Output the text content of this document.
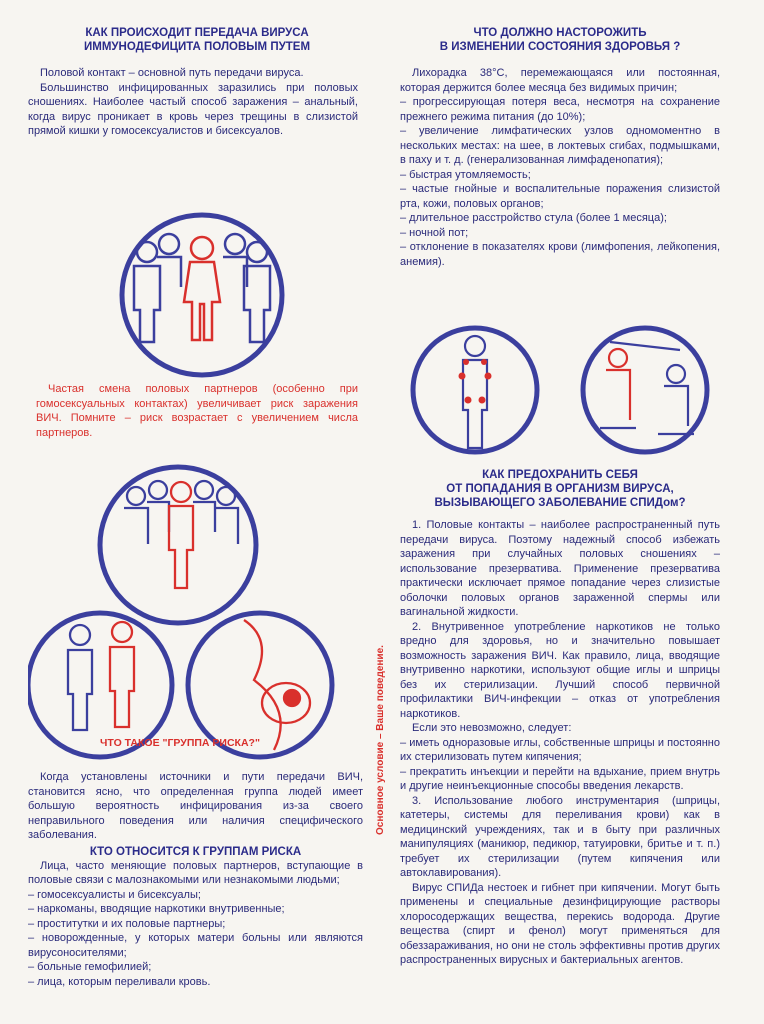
КАК ПРОИСХОДИТ ПЕРЕДАЧА ВИРУСА

ИММУНОДЕФИЦИТА ПОЛОВЫМ ПУТЕМ

Половой контакт – основной путь передачи вируса.

Большинство инфицированных заразились при половых сношениях. Наиболее частый способ заражения – анальный, когда вирус проникает в кровь через трещины в слизистой прямой кишки у гомосексуалистов и бисексуалов.

Частая смена половых партнеров (особенно при гомосексуальных контактах) увеличивает риск заражения ВИЧ. Помните – риск возрастает с увеличением числа партнеров.

ЧТО ТАКОЕ "ГРУППА РИСКА?"

Когда установлены источники и пути передачи ВИЧ, становится ясно, что определенная группа людей имеет большую вероятность инфицирования из-за своего неправильного поведения или наличия специфического заболевания.

КТО ОТНОСИТСЯ К ГРУППАМ РИСКА

Лица, часто меняющие половых партнеров, вступающие в половые связи с малознакомыми или незнакомыми людьми;

– гомосексуалисты и бисексуалы;
– наркоманы, вводящие наркотики внутривенные;
– проститутки и их половые партнеры;
– новорожденные, у которых матери больны или являются вирусоносителями;
– больные гемофилией;
– лица, которым переливали кровь.
Основное условие – Ваше поведение.

ЧТО ДОЛЖНО НАСТОРОЖИТЬ

В ИЗМЕНЕНИИ СОСТОЯНИЯ ЗДОРОВЬЯ ?

Лихорадка 38°С, перемежающаяся или постоянная, которая держится более месяца без видимых причин;

– прогрессирующая потеря веса, несмотря на сохранение прежнего режима питания (до 10%);
– увеличение лимфатических узлов одномоментно в нескольких местах: на шее, в локтевых сгибах, подмышками, в паху и т. д. (генерализованная лимфаденопатия);
– быстрая утомляемость;
– частые гнойные и воспалительные поражения слизистой рта, кожи, половых органов;
– длительное расстройство стула (более 1 месяца);
– ночной пот;
– отклонение в показателях крови (лимфопения, лейкопения, анемия).

КАК ПРЕДОХРАНИТЬ СЕБЯ

ОТ ПОПАДАНИЯ В ОРГАНИЗМ ВИРУСА,

ВЫЗЫВАЮЩЕГО ЗАБОЛЕВАНИЕ СПИДом?

1. Половые контакты – наиболее распространенный путь передачи вируса. Поэтому надежный способ избежать заражения при случайных половых сношениях – использование презерватива. Применение презерватива практически исключает прямое попадание через слизистые оболочки половых органов зараженной спермы или вагинальной жидкости.

2. Внутривенное употребление наркотиков не только вредно для здоровья, но и значительно повышает возможность заражения ВИЧ. Как правило, лица, вводящие внутривенно наркотики, используют общие иглы и шприцы без их стерилизации. Лучший способ первичной профилактики ВИЧ-инфекции – отказ от употребления наркотиков.

Если это невозможно, следует:

– иметь одноразовые иглы, собственные шприцы и постоянно их стерилизовать путем кипячения;
– прекратить инъекции и перейти на вдыхание, прием внутрь и другие неинъекционные способы введения лекарств.

3. Использование любого инструментария (шприцы, катетеры, системы для переливания крови) как в медицинский учреждениях, так и в быту при различных манипуляциях (маникюр, педикюр, татуировки, бритье и т. п.) требует их стерилизации (путем кипячения или автоклавирования).

Вирус СПИДа нестоек и гибнет при кипячении. Могут быть применены и специальные дезинфицирующие растворы хлоросодержащих вещества, перекись водорода. Другие вещества (спирт и фенол) могут применяться для обеззараживания, но они не столь эффективны против других распространенных вирусных и бактериальных агентов.
